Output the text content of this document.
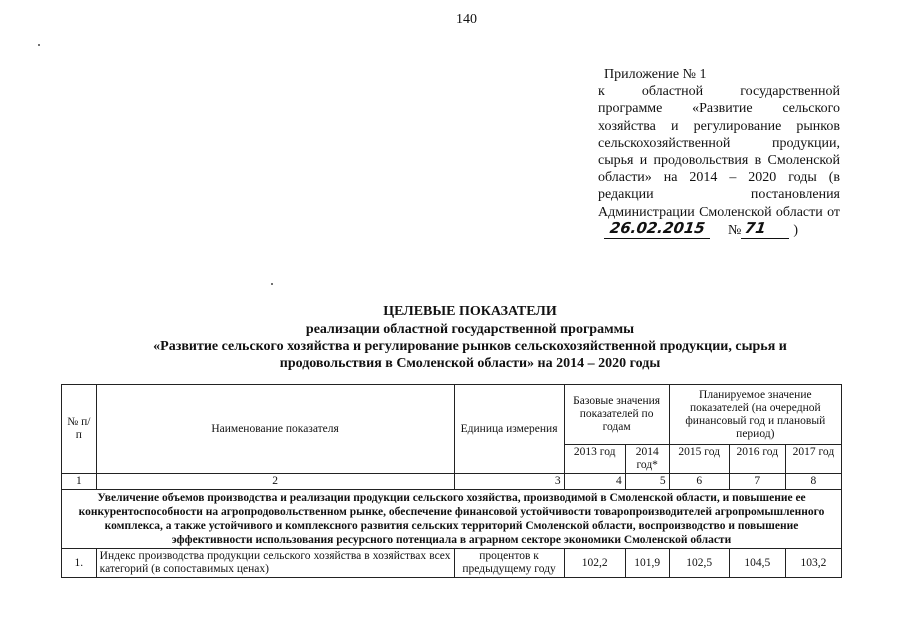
140
Приложение № 1
к областной государственной программе «Развитие сельского хозяйства и регулирование рынков сельскохозяйственной продукции, сырья и продовольствия в Смоленской области» на 2014 – 2020 годы (в редакции постановления Администрации Смоленской области от
26.02.2015	№ 71	)
ЦЕЛЕВЫЕ ПОКАЗАТЕЛИ
реализации областной государственной программы
«Развитие сельского хозяйства и регулирование рынков сельскохозяйственной продукции, сырья и
продовольствия в Смоленской области» на 2014 – 2020 годы
№ п/п	Наименование показателя	Единица измерения	Базовые значения показателей по годам		Планируемое значение показателей (на очередной финансовый год и плановый период)		
			2013 год	2014 год*	2015 год	2016 год	2017 год
1	2	3	4	5	6	7	8
Увеличение объемов производства и реализации продукции сельского хозяйства, производимой в Смоленской области, и повышение ее конкурентоспособности на агропродовольственном рынке, обеспечение финансовой устойчивости товаропроизводителей агропромышленного комплекса, а также устойчивого и комплексного развития сельских территорий Смоленской области, воспроизводство и повышение эффективности использования ресурсного потенциала в аграрном секторе экономики Смоленской области							
1.	Индекс производства продукции сельского хозяйства в хозяйствах всех категорий (в сопоставимых ценах)	процентов к предыдущему году	102,2	101,9	102,5	104,5	103,2
